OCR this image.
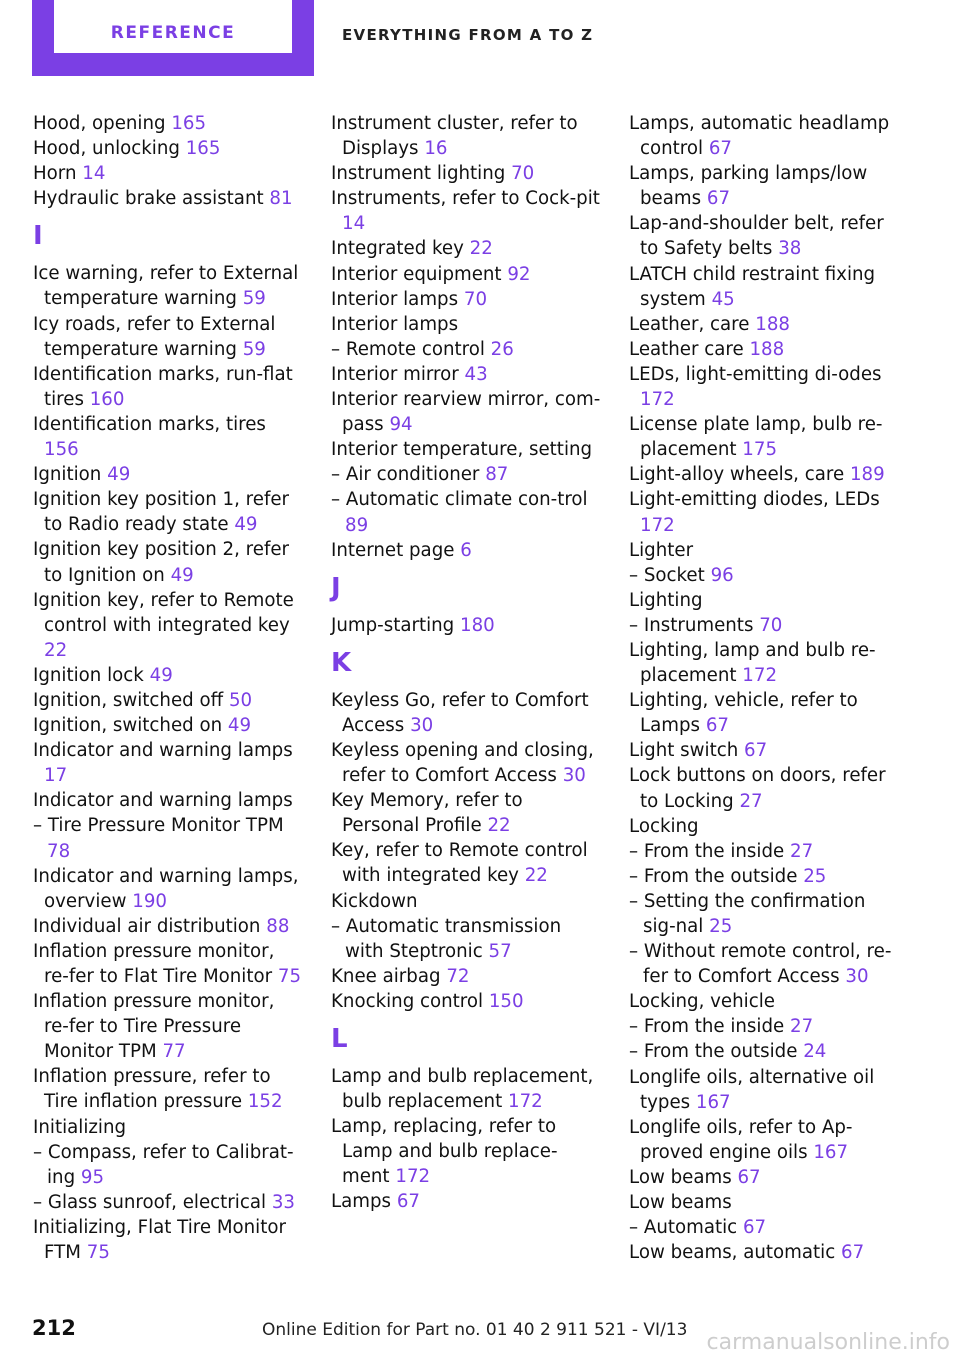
REFERENCE	EVERYTHING FROM A TO Z
Hood, opening 165
Hood, unlocking 165
Horn 14
Hydraulic brake assistant 81
I
Ice warning, refer to External temperature warning 59
Icy roads, refer to External temperature warning 59
Identification marks, run-flat tires 160
Identification marks, tires 156
Ignition 49
Ignition key position 1, refer to Radio ready state 49
Ignition key position 2, refer to Ignition on 49
Ignition key, refer to Remote control with integrated key 22
Ignition lock 49
Ignition, switched off 50
Ignition, switched on 49
Indicator and warning lamps 17
Indicator and warning lamps
– Tire Pressure Monitor TPM 78
Indicator and warning lamps, overview 190
Individual air distribution 88
Inflation pressure monitor, re‐fer to Flat Tire Monitor 75
Inflation pressure monitor, re‐fer to Tire Pressure Monitor TPM 77
Inflation pressure, refer to Tire inflation pressure 152
Initializing
– Compass, refer to Calibrat‐ing 95
– Glass sunroof, electrical 33
Initializing, Flat Tire Monitor FTM 75
Instrument cluster, refer to Displays 16
Instrument lighting 70
Instruments, refer to Cock‐pit 14
Integrated key 22
Interior equipment 92
Interior lamps 70
Interior lamps
– Remote control 26
Interior mirror 43
Interior rearview mirror, com‐pass 94
Interior temperature, setting
– Air conditioner 87
– Automatic climate con‐trol 89
Internet page 6
J
Jump-starting 180
K
Keyless Go, refer to Comfort Access 30
Keyless opening and closing, refer to Comfort Access 30
Key Memory, refer to Personal Profile 22
Key, refer to Remote control with integrated key 22
Kickdown
– Automatic transmission with Steptronic 57
Knee airbag 72
Knocking control 150
L
Lamp and bulb replacement, bulb replacement 172
Lamp, replacing, refer to Lamp and bulb replace‐ment 172
Lamps 67
Lamps, automatic headlamp control 67
Lamps, parking lamps/low beams 67
Lap-and-shoulder belt, refer to Safety belts 38
LATCH child restraint fixing system 45
Leather, care 188
Leather care 188
LEDs, light-emitting di‐odes 172
License plate lamp, bulb re‐placement 175
Light-alloy wheels, care 189
Light-emitting diodes, LEDs 172
Lighter
– Socket 96
Lighting
– Instruments 70
Lighting, lamp and bulb re‐placement 172
Lighting, vehicle, refer to Lamps 67
Light switch 67
Lock buttons on doors, refer to Locking 27
Locking
– From the inside 27
– From the outside 25
– Setting the confirmation sig‐nal 25
– Without remote control, re‐fer to Comfort Access 30
Locking, vehicle
– From the inside 27
– From the outside 24
Longlife oils, alternative oil types 167
Longlife oils, refer to Ap‐proved engine oils 167
Low beams 67
Low beams
– Automatic 67
Low beams, automatic 67
212	Online Edition for Part no. 01 40 2 911 521 - VI/13 carmanualsonline.info
